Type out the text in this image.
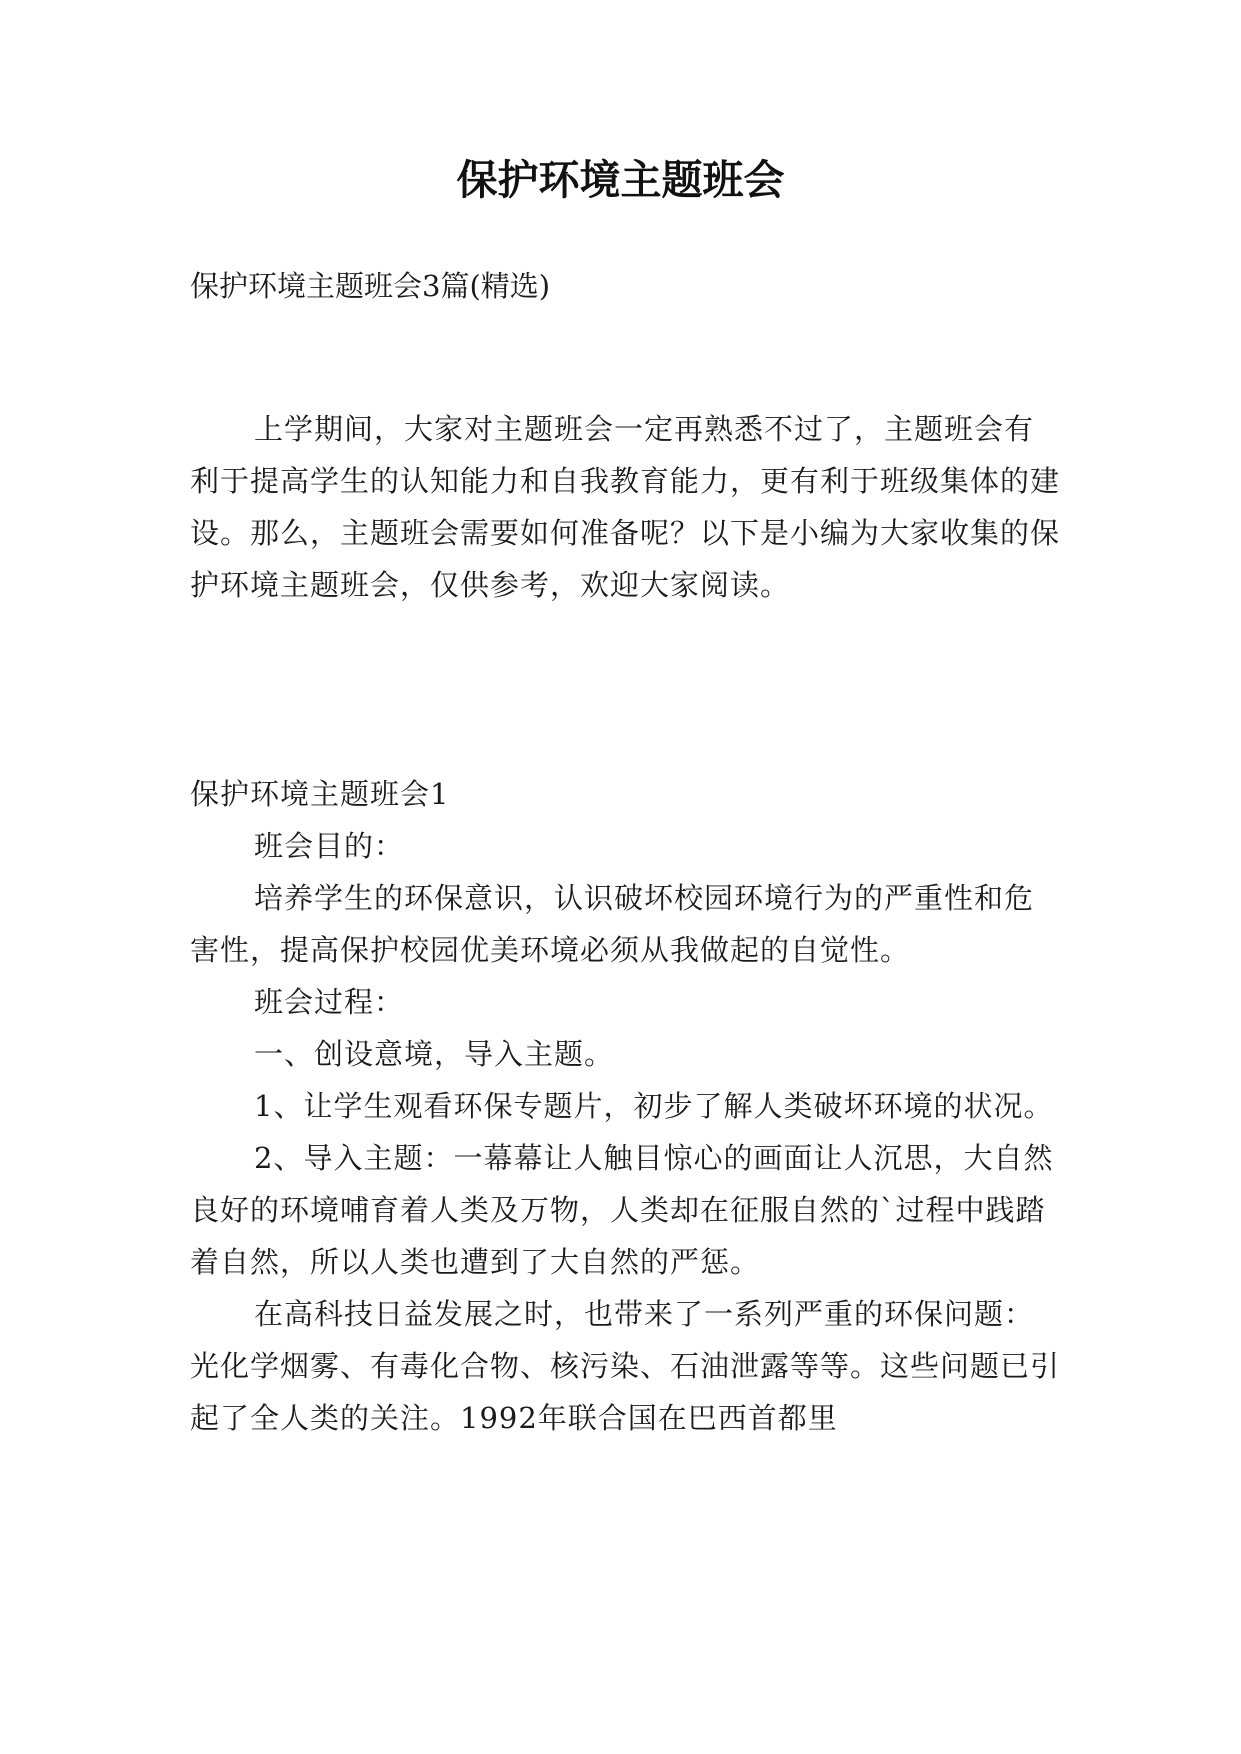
保护环境主题班会
保护环境主题班会3篇(精选)

上学期间，大家对主题班会一定再熟悉不过了，主题班会有利于提高学生的认知能力和自我教育能力，更有利于班级集体的建设。那么，主题班会需要如何准备呢？以下是小编为大家收集的保护环境主题班会，仅供参考，欢迎大家阅读。

保护环境主题班会1

班会目的：

培养学生的环保意识，认识破坏校园环境行为的严重性和危害性，提高保护校园优美环境必须从我做起的自觉性。

班会过程：

一、创设意境，导入主题。

1、让学生观看环保专题片，初步了解人类破坏环境的状况。

2、导入主题：一幕幕让人触目惊心的画面让人沉思，大自然良好的环境哺育着人类及万物，人类却在征服自然的`过程中践踏着自然，所以人类也遭到了大自然的严惩。

在高科技日益发展之时，也带来了一系列严重的环保问题：光化学烟雾、有毒化合物、核污染、石油泄露等等。这些问题已引起了全人类的关注。1992年联合国在巴西首都里
